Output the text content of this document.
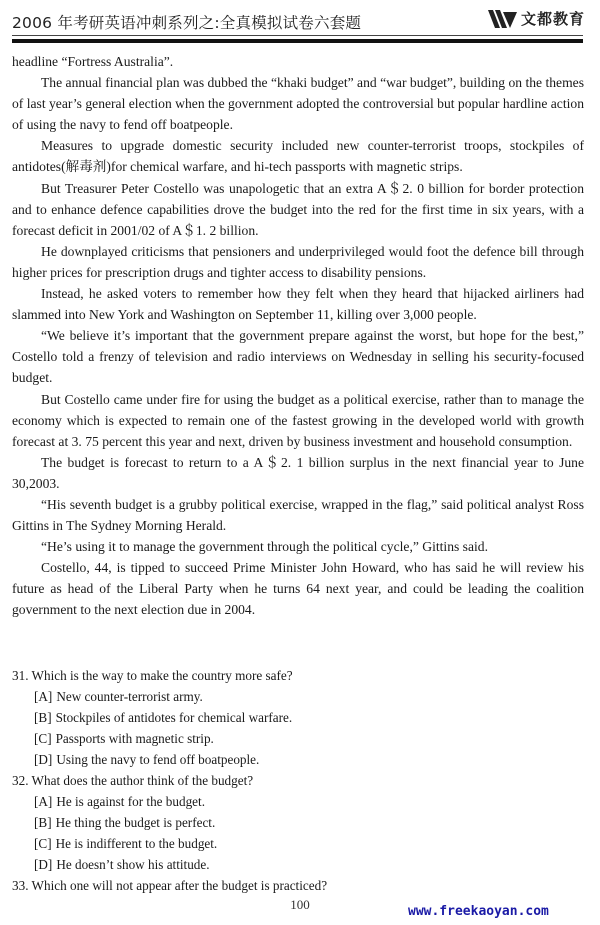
2006 年考研英语冲刺系列之:全真模拟试卷六套题	文都教育

headline “Fortress Australia”.

The annual financial plan was dubbed the “khaki budget” and “war budget”, building on the themes of last year’s general election when the government adopted the controversial but popular hardline action of using the navy to fend off boatpeople.

Measures to upgrade domestic security included new counter-terrorist troops, stockpiles of antidotes(解毒剂)for chemical warfare, and hi-tech passports with magnetic strips.

But Treasurer Peter Costello was unapologetic that an extra A＄2. 0 billion for border protection and to enhance defence capabilities drove the budget into the red for the first time in six years, with a forecast deficit in 2001/02 of A＄1. 2 billion.

He downplayed criticisms that pensioners and underprivileged would foot the defence bill through higher prices for prescription drugs and tighter access to disability pensions.

Instead, he asked voters to remember how they felt when they heard that hijacked airliners had slammed into New York and Washington on September 11, killing over 3,000 people.

“We believe it’s important that the government prepare against the worst, but hope for the best,” Costello told a frenzy of television and radio interviews on Wednesday in selling his security-focused budget.

But Costello came under fire for using the budget as a political exercise, rather than to manage the economy which is expected to remain one of the fastest growing in the developed world with growth forecast at 3. 75 percent this year and next, driven by business investment and household consumption.

The budget is forecast to return to a A＄2. 1 billion surplus in the next financial year to June 30,2003.

“His seventh budget is a grubby political exercise, wrapped in the flag,” said political analyst Ross Gittins in The Sydney Morning Herald.

“He’s using it to manage the government through the political cycle,” Gittins said.

Costello, 44, is tipped to succeed Prime Minister John Howard, who has said he will review his future as head of the Liberal Party when he turns 64 next year, and could be leading the coalition government to the next election due in 2004.

31. Which is the way to make the country more safe?

[A] New counter-terrorist army.

[B] Stockpiles of antidotes for chemical warfare.

[C] Passports with magnetic strip.

[D] Using the navy to fend off boatpeople.

32. What does the author think of the budget?

[A] He is against for the budget.

[B] He thing the budget is perfect.

[C] He is indifferent to the budget.

[D] He doesn’t show his attitude.

33. Which one will not appear after the budget is practiced?

100	www.freekaoyan.com
